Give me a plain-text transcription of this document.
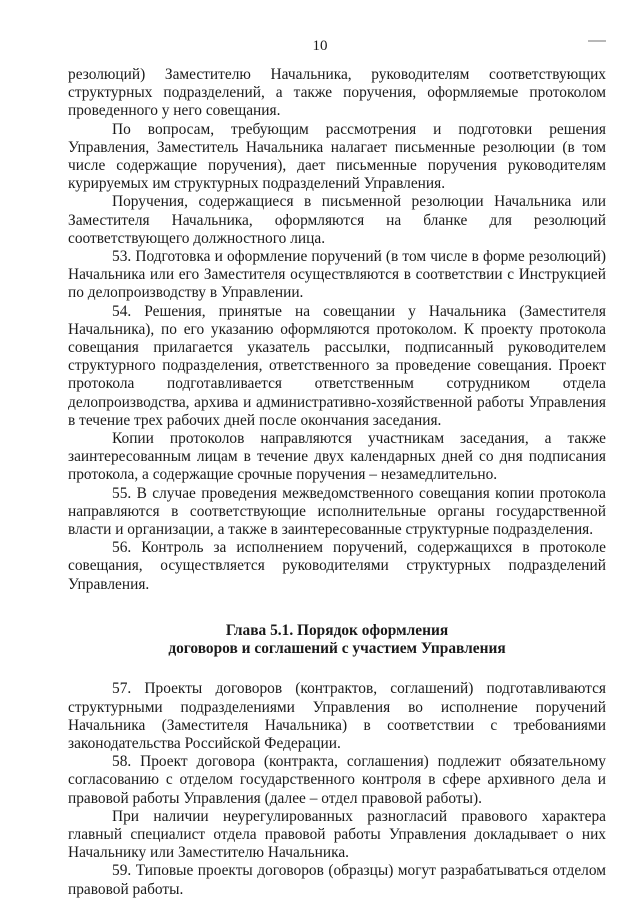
10

резолюций) Заместителю Начальника, руководителям соответствующих структурных подразделений, а также поручения, оформляемые протоколом проведенного у него совещания.

По вопросам, требующим рассмотрения и подготовки решения Управления, Заместитель Начальника налагает письменные резолюции (в том числе содержащие поручения), дает письменные поручения руководителям курируемых им структурных подразделений Управления.

Поручения, содержащиеся в письменной резолюции Начальника или Заместителя Начальника, оформляются на бланке для резолюций соответствующего должностного лица.

53. Подготовка и оформление поручений (в том числе в форме резолюций) Начальника или его Заместителя осуществляются в соответствии с Инструкцией по делопроизводству в Управлении.

54. Решения, принятые на совещании у Начальника (Заместителя Начальника), по его указанию оформляются протоколом. К проекту протокола совещания прилагается указатель рассылки, подписанный руководителем структурного подразделения, ответственного за проведение совещания. Проект протокола подготавливается ответственным сотрудником отдела делопроизводства, архива и административно-хозяйственной работы Управления в течение трех рабочих дней после окончания заседания.

Копии протоколов направляются участникам заседания, а также заинтересованным лицам в течение двух календарных дней со дня подписания протокола, а содержащие срочные поручения – незамедлительно.

55. В случае проведения межведомственного совещания копии протокола направляются в соответствующие исполнительные органы государственной власти и организации, а также в заинтересованные структурные подразделения.

56. Контроль за исполнением поручений, содержащихся в протоколе совещания, осуществляется руководителями структурных подразделений Управления.

Глава 5.1. Порядок оформления
договоров и соглашений с участием Управления

57. Проекты договоров (контрактов, соглашений) подготавливаются структурными подразделениями Управления во исполнение поручений Начальника (Заместителя Начальника) в соответствии с требованиями законодательства Российской Федерации.

58. Проект договора (контракта, соглашения) подлежит обязательному согласованию с отделом государственного контроля в сфере архивного дела и правовой работы Управления (далее – отдел правовой работы).

При наличии неурегулированных разногласий правового характера главный специалист отдела правовой работы Управления докладывает о них Начальнику или Заместителю Начальника.

59. Типовые проекты договоров (образцы) могут разрабатываться отделом правовой работы.
